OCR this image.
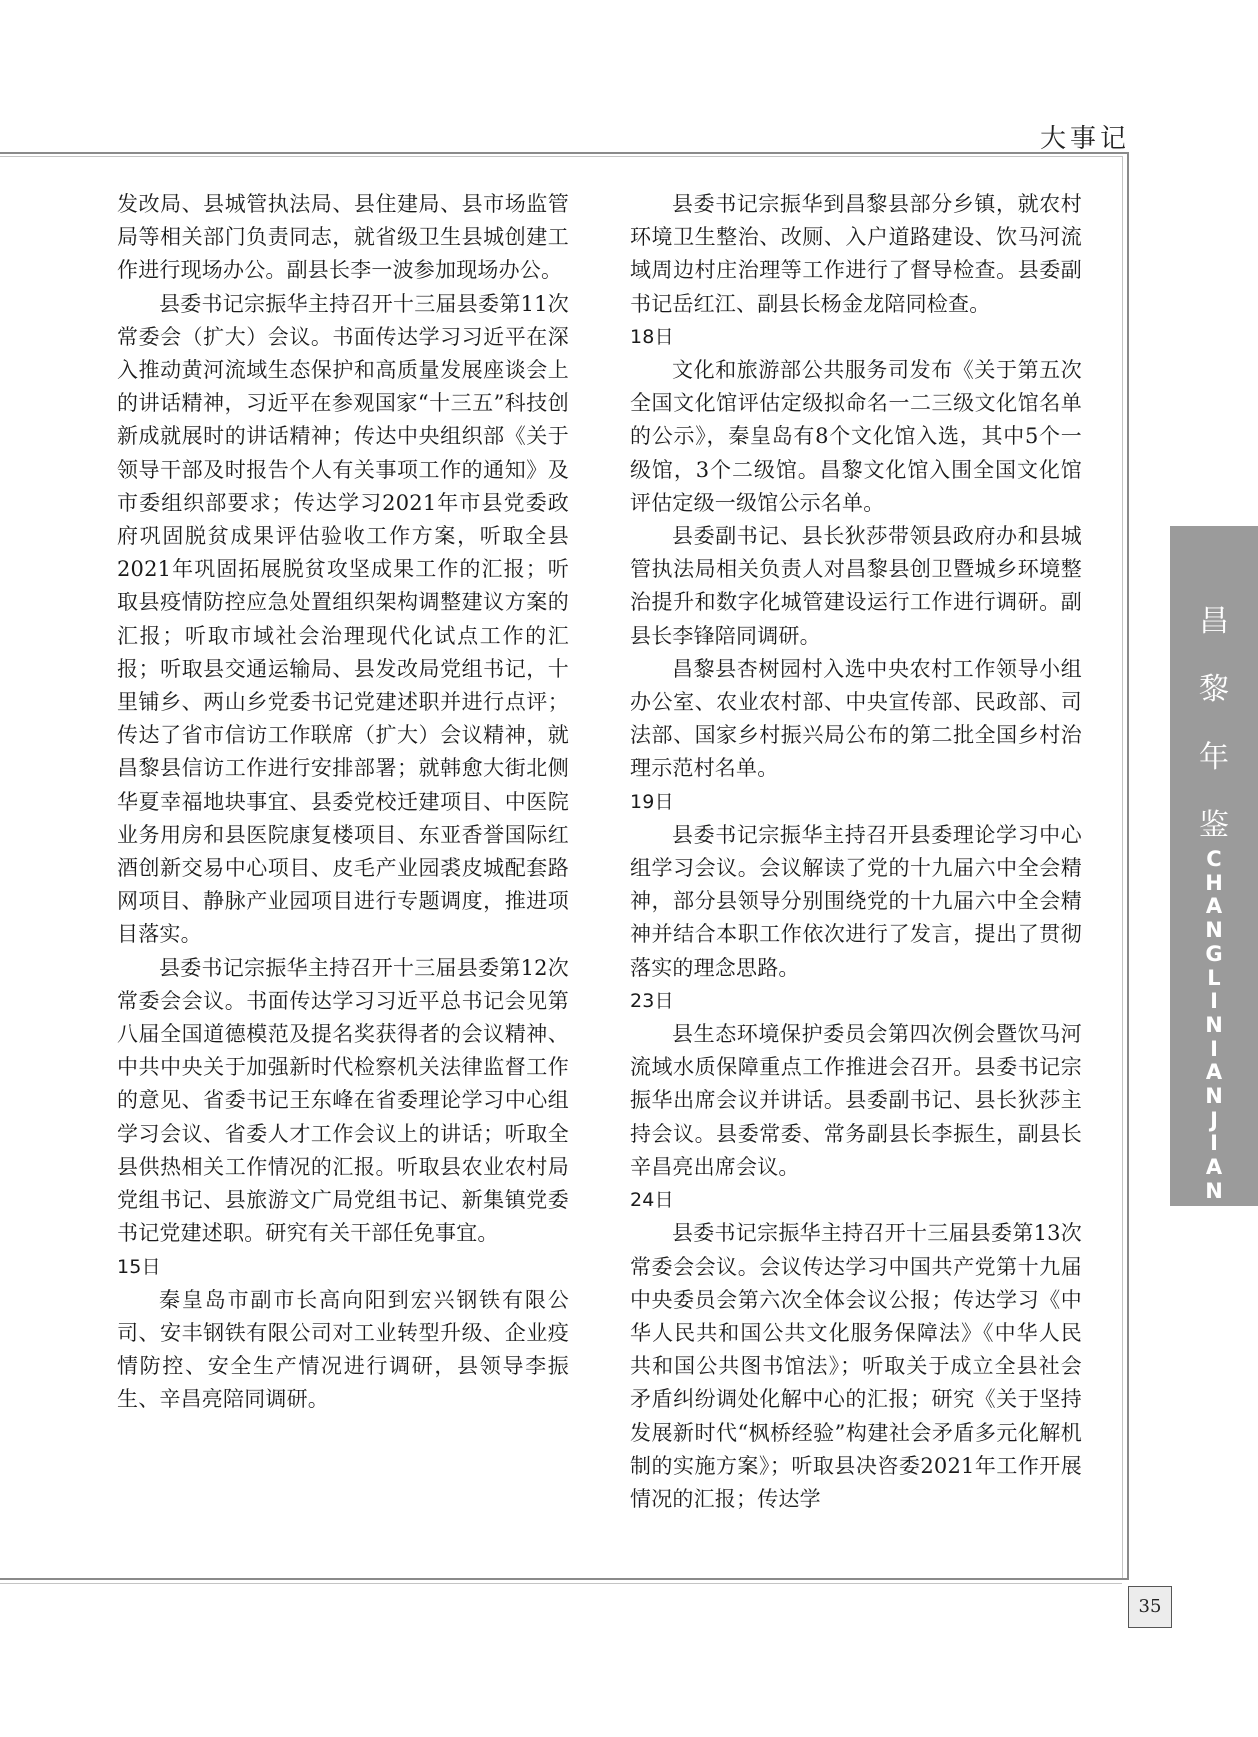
大事记
昌
黎
年
鉴
C
H
A
N
G
L
I
N
I
A
N
J
I
A
N

发改局、县城管执法局、县住建局、县市场监管局等相关部门负责同志，就省级卫生县城创建工作进行现场办公。副县长李一波参加现场办公。

县委书记宗振华主持召开十三届县委第11次常委会（扩大）会议。书面传达学习习近平在深入推动黄河流域生态保护和高质量发展座谈会上的讲话精神，习近平在参观国家“十三五”科技创新成就展时的讲话精神；传达中央组织部《关于领导干部及时报告个人有关事项工作的通知》及市委组织部要求；传达学习2021年市县党委政府巩固脱贫成果评估验收工作方案，听取全县2021年巩固拓展脱贫攻坚成果工作的汇报；听取县疫情防控应急处置组织架构调整建议方案的汇报；听取市域社会治理现代化试点工作的汇报；听取县交通运输局、县发改局党组书记，十里铺乡、两山乡党委书记党建述职并进行点评；传达了省市信访工作联席（扩大）会议精神，就昌黎县信访工作进行安排部署；就韩愈大街北侧华夏幸福地块事宜、县委党校迁建项目、中医院业务用房和县医院康复楼项目、东亚香誉国际红酒创新交易中心项目、皮毛产业园裘皮城配套路网项目、静脉产业园项目进行专题调度，推进项目落实。

县委书记宗振华主持召开十三届县委第12次常委会会议。书面传达学习习近平总书记会见第八届全国道德模范及提名奖获得者的会议精神、中共中央关于加强新时代检察机关法律监督工作的意见、省委书记王东峰在省委理论学习中心组学习会议、省委人才工作会议上的讲话；听取全县供热相关工作情况的汇报。听取县农业农村局党组书记、县旅游文广局党组书记、新集镇党委书记党建述职。研究有关干部任免事宜。

15日

秦皇岛市副市长高向阳到宏兴钢铁有限公司、安丰钢铁有限公司对工业转型升级、企业疫情防控、安全生产情况进行调研，县领导李振生、辛昌亮陪同调研。

县委书记宗振华到昌黎县部分乡镇，就农村环境卫生整治、改厕、入户道路建设、饮马河流域周边村庄治理等工作进行了督导检查。县委副书记岳红江、副县长杨金龙陪同检查。

18日

文化和旅游部公共服务司发布《关于第五次全国文化馆评估定级拟命名一二三级文化馆名单的公示》，秦皇岛有8个文化馆入选，其中5个一级馆，3个二级馆。昌黎文化馆入围全国文化馆评估定级一级馆公示名单。

县委副书记、县长狄莎带领县政府办和县城管执法局相关负责人对昌黎县创卫暨城乡环境整治提升和数字化城管建设运行工作进行调研。副县长李锋陪同调研。

昌黎县杏树园村入选中央农村工作领导小组办公室、农业农村部、中央宣传部、民政部、司法部、国家乡村振兴局公布的第二批全国乡村治理示范村名单。

19日

县委书记宗振华主持召开县委理论学习中心组学习会议。会议解读了党的十九届六中全会精神，部分县领导分别围绕党的十九届六中全会精神并结合本职工作依次进行了发言，提出了贯彻落实的理念思路。

23日

县生态环境保护委员会第四次例会暨饮马河流域水质保障重点工作推进会召开。县委书记宗振华出席会议并讲话。县委副书记、县长狄莎主持会议。县委常委、常务副县长李振生，副县长辛昌亮出席会议。

24日

县委书记宗振华主持召开十三届县委第13次常委会会议。会议传达学习中国共产党第十九届中央委员会第六次全体会议公报；传达学习《中华人民共和国公共文化服务保障法》《中华人民共和国公共图书馆法》；听取关于成立全县社会矛盾纠纷调处化解中心的汇报；研究《关于坚持发展新时代“枫桥经验”构建社会矛盾多元化解机制的实施方案》；听取县决咨委2021年工作开展情况的汇报；传达学

35
